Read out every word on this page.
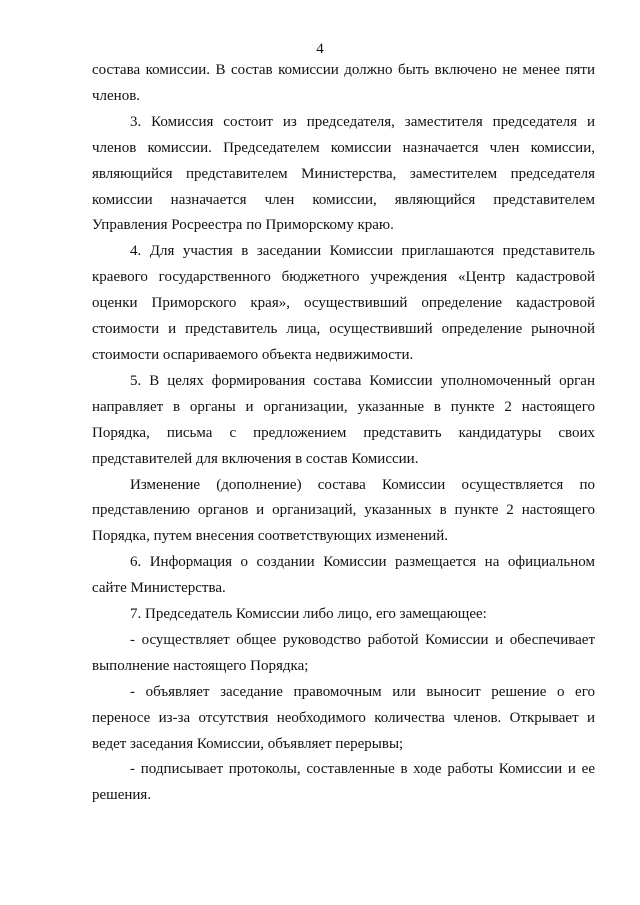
4

состава комиссии. В состав комиссии должно быть включено не менее пяти членов.

3. Комиссия состоит из председателя, заместителя председателя и членов комиссии. Председателем комиссии назначается член комиссии, являющийся представителем Министерства, заместителем председателя комиссии назначается член комиссии, являющийся представителем Управления Росреестра по Приморскому краю.

4. Для участия в заседании Комиссии приглашаются представитель краевого государственного бюджетного учреждения «Центр кадастровой оценки Приморского края», осуществивший определение кадастровой стоимости и представитель лица, осуществивший определение рыночной стоимости оспариваемого объекта недвижимости.

5. В целях формирования состава Комиссии уполномоченный орган направляет в органы и организации, указанные в пункте 2 настоящего Порядка, письма с предложением представить кандидатуры своих представителей для включения в состав Комиссии.

Изменение (дополнение) состава Комиссии осуществляется по представлению органов и организаций, указанных в пункте 2 настоящего Порядка, путем внесения соответствующих изменений.

6. Информация о создании Комиссии размещается на официальном сайте Министерства.

7. Председатель Комиссии либо лицо, его замещающее:

- осуществляет общее руководство работой Комиссии и обеспечивает выполнение настоящего Порядка;

- объявляет заседание правомочным или выносит решение о его переносе из-за отсутствия необходимого количества членов. Открывает и ведет заседания Комиссии, объявляет перерывы;

- подписывает протоколы, составленные в ходе работы Комиссии и ее решения.
